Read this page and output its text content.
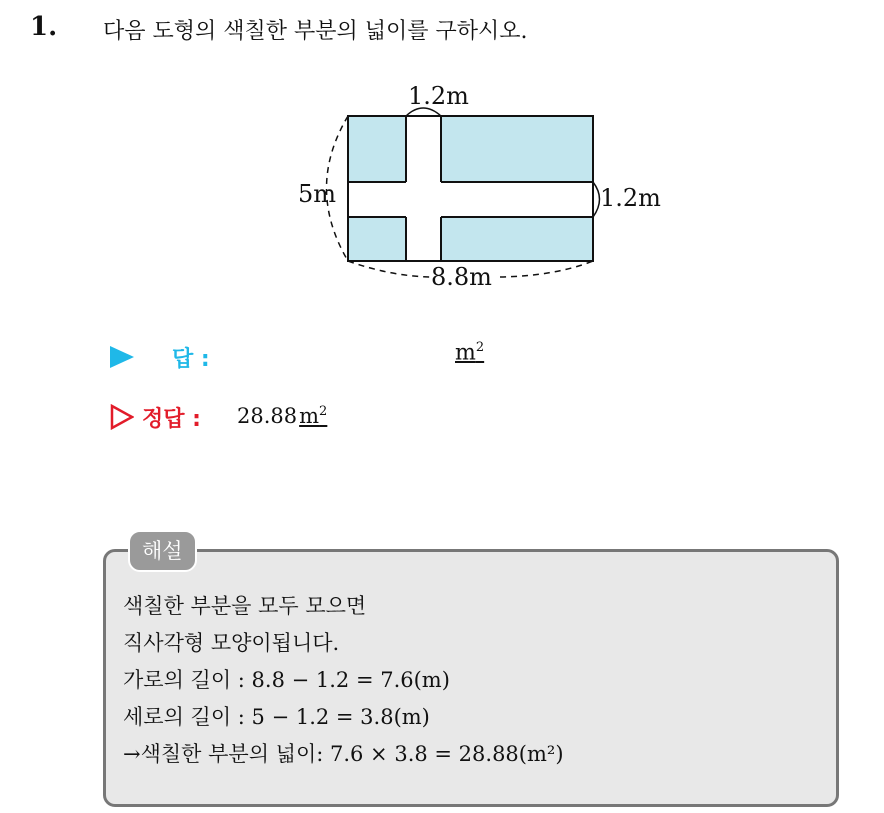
1. 다음 도형의 색칠한 부분의 넓이를 구하시오.
1.2m
5m	1.2m
8.8m
답 :	$m^2$
정답 : $28.88m^2$
해설
색칠한 부분을 모두 모으면
직사각형 모양이됩니다.
가로의 길이 : 8.8 − 1.2 = 7.6(m)
세로의 길이 : 5 − 1.2 = 3.8(m)
→색칠한 부분의 넓이: 7.6 × 3.8 = 28.88(m²)
